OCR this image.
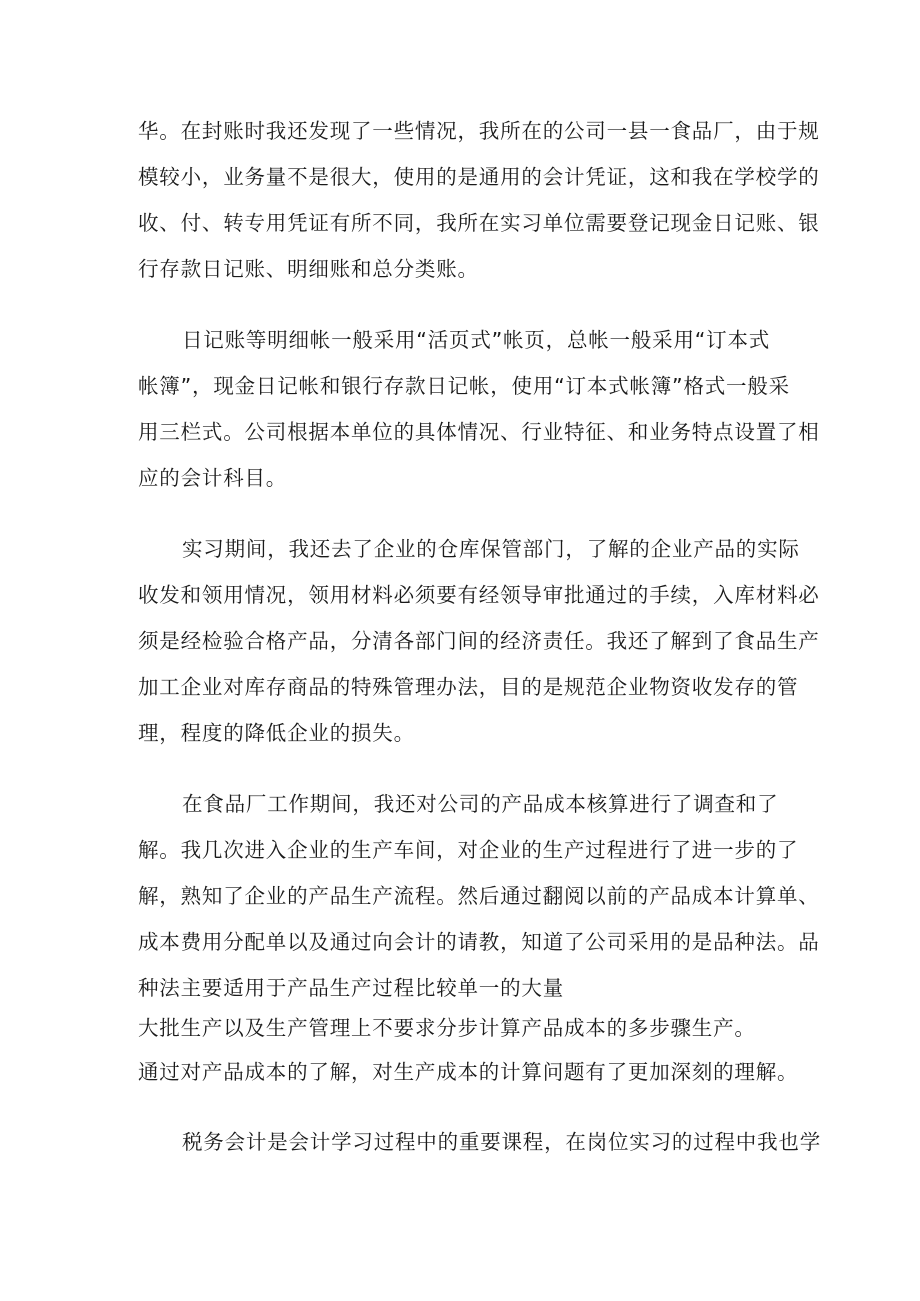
华。在封账时我还发现了一些情况，我所在的公司一县一食品厂，由于规
模较小，业务量不是很大，使用的是通用的会计凭证，这和我在学校学的
收、付、转专用凭证有所不同，我所在实习单位需要登记现金日记账、银
行存款日记账、明细账和总分类账。
日记账等明细帐一般采用“活页式”帐页，总帐一般采用“订本式
帐簿”，现金日记帐和银行存款日记帐，使用“订本式帐簿”格式一般采
用三栏式。公司根据本单位的具体情况、行业特征、和业务特点设置了相
应的会计科目。
实习期间，我还去了企业的仓库保管部门，了解的企业产品的实际
收发和领用情况，领用材料必须要有经领导审批通过的手续，入库材料必
须是经检验合格产品，分清各部门间的经济责任。我还了解到了食品生产
加工企业对库存商品的特殊管理办法，目的是规范企业物资收发存的管
理，程度的降低企业的损失。
在食品厂工作期间，我还对公司的产品成本核算进行了调查和了
解。我几次进入企业的生产车间，对企业的生产过程进行了进一步的了
解，熟知了企业的产品生产流程。然后通过翻阅以前的产品成本计算单、
成本费用分配单以及通过向会计的请教，知道了公司采用的是品种法。品
种法主要适用于产品生产过程比较单一的大量
大批生产以及生产管理上不要求分步计算产品成本的多步骤生产。
通过对产品成本的了解，对生产成本的计算问题有了更加深刻的理解。
税务会计是会计学习过程中的重要课程，在岗位实习的过程中我也学
